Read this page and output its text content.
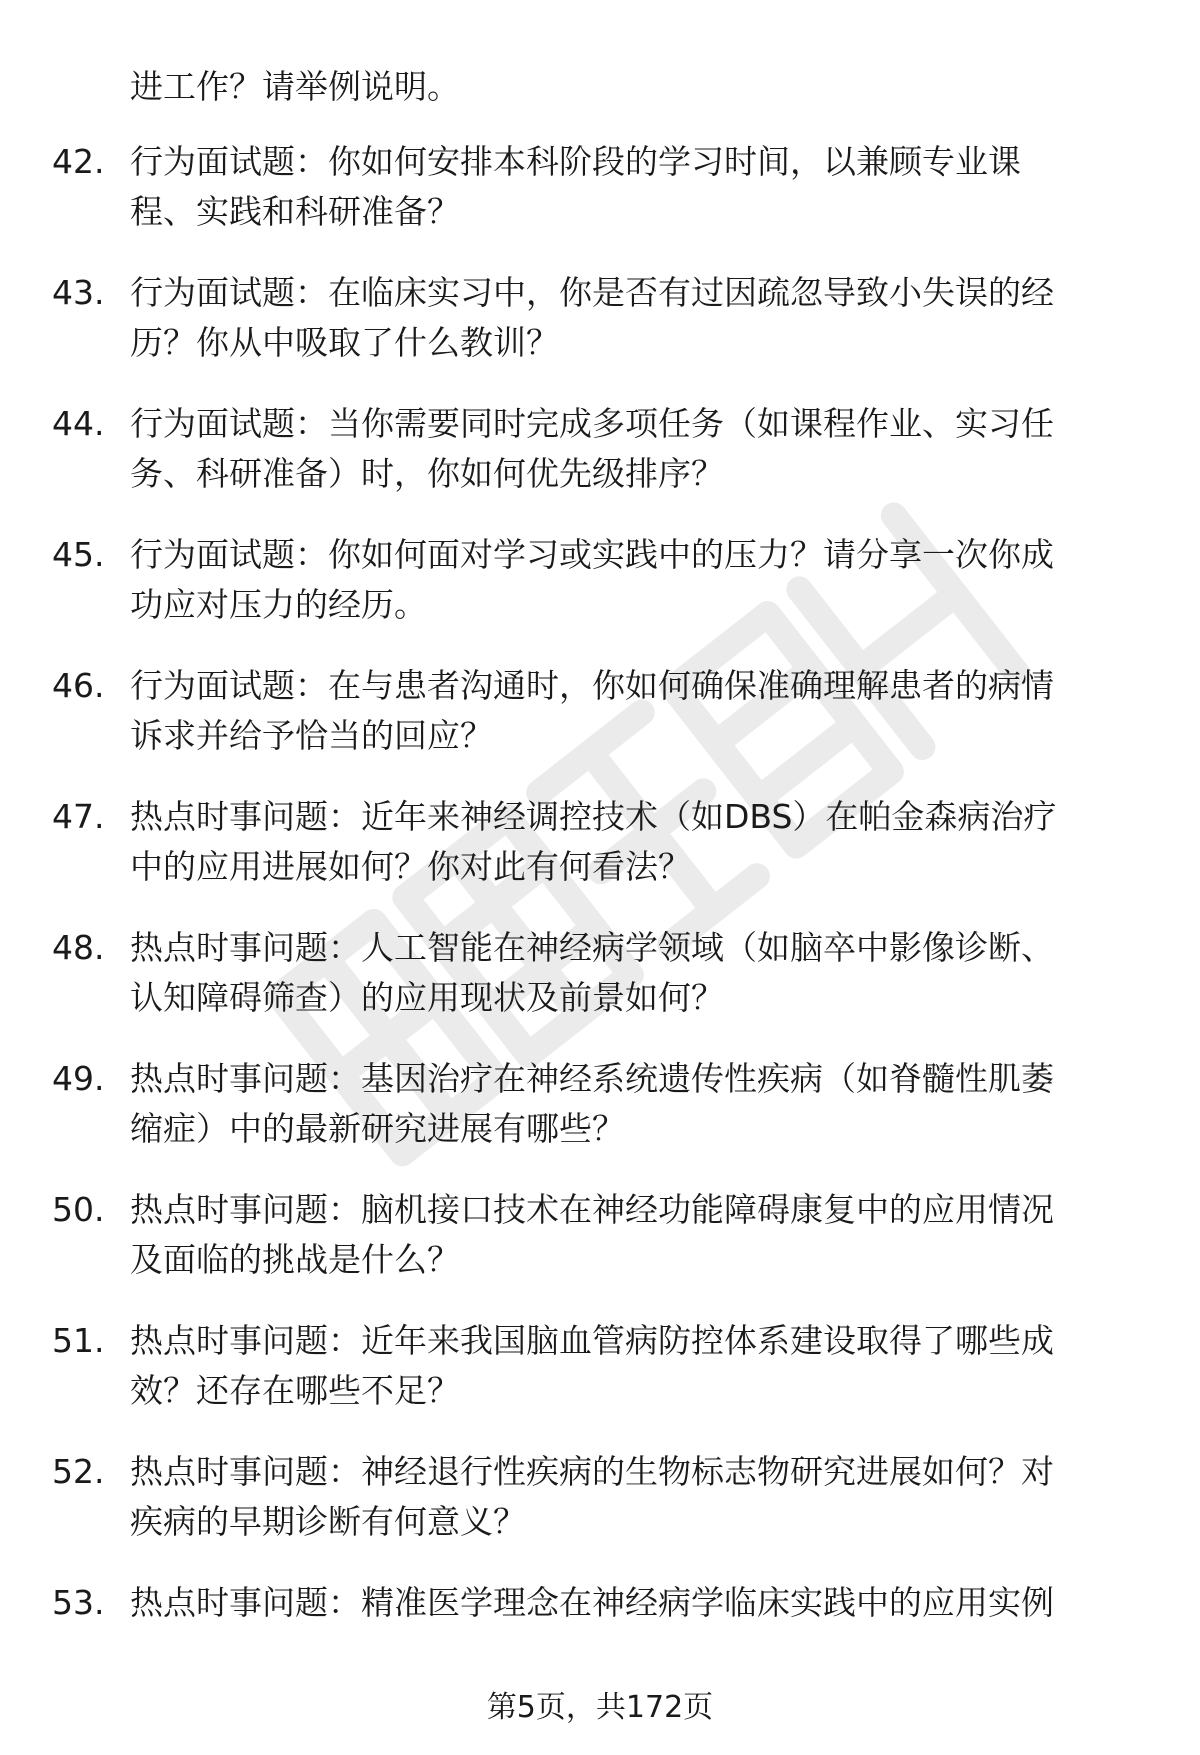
进工作？请举例说明。
42. 行为面试题：你如何安排本科阶段的学习时间，以兼顾专业课
程、实践和科研准备？
43. 行为面试题：在临床实习中，你是否有过因疏忽导致小失误的经
历？你从中吸取了什么教训？
44. 行为面试题：当你需要同时完成多项任务（如课程作业、实习任
务、科研准备）时，你如何优先级排序？
45. 行为面试题：你如何面对学习或实践中的压力？请分享一次你成
功应对压力的经历。
46. 行为面试题：在与患者沟通时，你如何确保准确理解患者的病情
诉求并给予恰当的回应？
47. 热点时事问题：近年来神经调控技术（如DBS）在帕金森病治疗
中的应用进展如何？你对此有何看法？
48. 热点时事问题：人工智能在神经病学领域（如脑卒中影像诊断、
认知障碍筛查）的应用现状及前景如何？
49. 热点时事问题：基因治疗在神经系统遗传性疾病（如脊髓性肌萎
缩症）中的最新研究进展有哪些？
50. 热点时事问题：脑机接口技术在神经功能障碍康复中的应用情况
及面临的挑战是什么？
51. 热点时事问题：近年来我国脑血管病防控体系建设取得了哪些成
效？还存在哪些不足？
52. 热点时事问题：神经退行性疾病的生物标志物研究进展如何？对
疾病的早期诊断有何意义？
53. 热点时事问题：精准医学理念在神经病学临床实践中的应用实例
第5页，共172页
